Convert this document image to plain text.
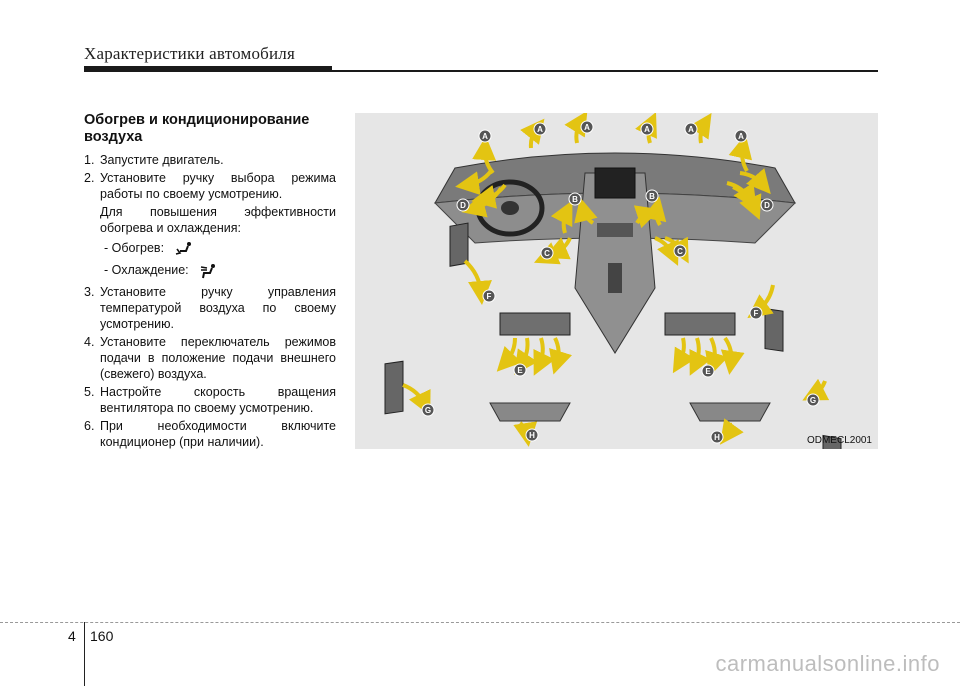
Характеристики автомобиля
Обогрев и кондиционирование воздуха
1. Запустите двигатель.
2. Установите ручку выбора режима работы по своему усмотрению.
Для повышения эффективности обогрева и охлаждения:
- Обогрев:
- Охлаждение:
3. Установите ручку управления температурой воздуха по своему усмотрению.
4. Установите переключатель режимов подачи в положение подачи внешнего (свежего) воздуха.
5. Настройте скорость вращения вентилятора по своему усмотрению.
6. При необходимости включите кондиционер (при наличии).
A
A	A	A	A
A
B	B
C	C
D	D
E	E
F
F
G
G
H	H	ODMECL2001
4 160
carmanualsonline.info
